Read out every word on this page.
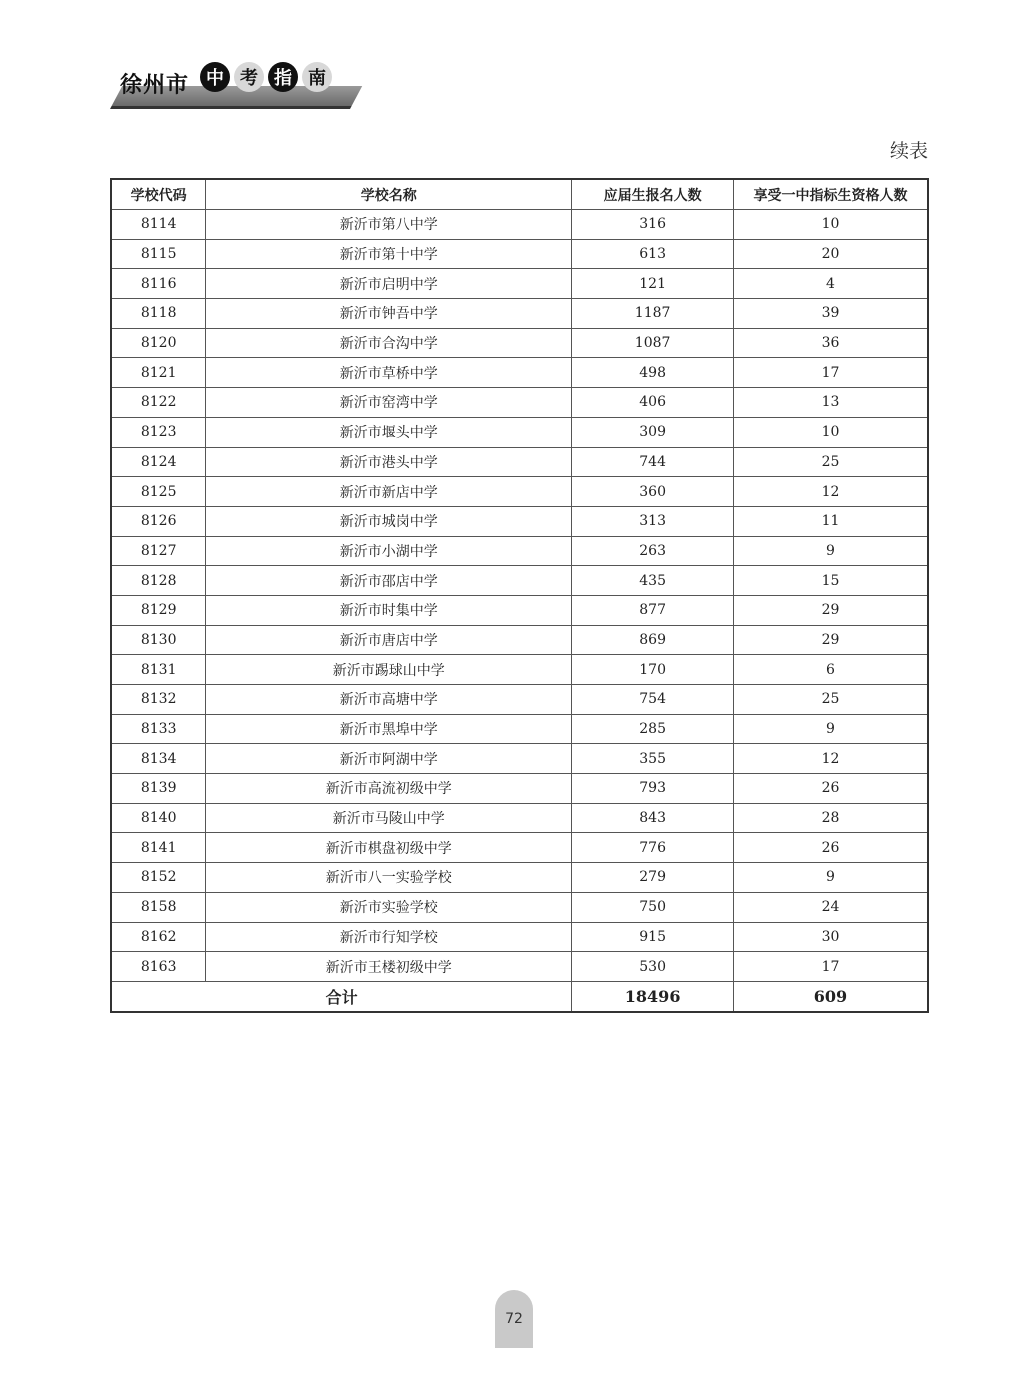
徐州市 中 考 指 南
续表
学校代码	学校名称	应届生报名人数	享受一中指标生资格人数
8114	新沂市第八中学	316	10
8115	新沂市第十中学	613	20
8116	新沂市启明中学	121	4
8118	新沂市钟吾中学	1187	39
8120	新沂市合沟中学	1087	36
8121	新沂市草桥中学	498	17
8122	新沂市窑湾中学	406	13
8123	新沂市堰头中学	309	10
8124	新沂市港头中学	744	25
8125	新沂市新店中学	360	12
8126	新沂市城岗中学	313	11
8127	新沂市小湖中学	263	9
8128	新沂市邵店中学	435	15
8129	新沂市时集中学	877	29
8130	新沂市唐店中学	869	29
8131	新沂市踢球山中学	170	6
8132	新沂市高塘中学	754	25
8133	新沂市黑埠中学	285	9
8134	新沂市阿湖中学	355	12
8139	新沂市高流初级中学	793	26
8140	新沂市马陵山中学	843	28
8141	新沂市棋盘初级中学	776	26
8152	新沂市八一实验学校	279	9
8158	新沂市实验学校	750	24
8162	新沂市行知学校	915	30
8163	新沂市王楼初级中学	530	17
合计		18496	609
72
